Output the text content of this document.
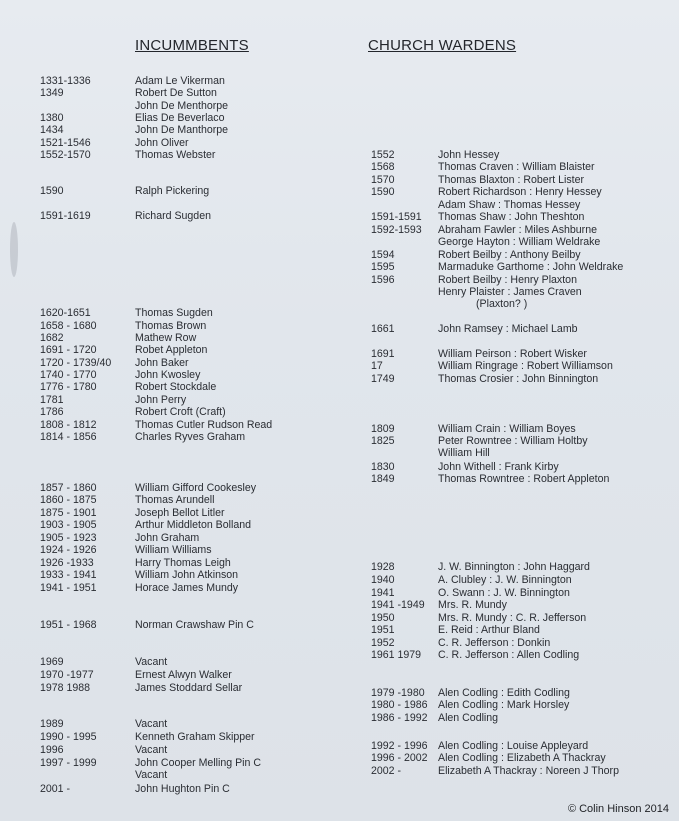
INCUMMBENTS	CHURCH WARDENS
1331-1336	Adam Le Vikerman
1349	Robert De Sutton
John De Menthorpe
1380	Elias De Beverlaco
1434	John De Manthorpe
1521-1546	John Oliver
1552-1570	Thomas Webster
1590	Ralph Pickering
1591-1619	Richard Sugden
1620-1651	Thomas Sugden
1658 - 1680	Thomas Brown
1682	Mathew Row
1691 - 1720	Robet Appleton
1720 - 1739/40 John Baker
1740 - 1770	John Kwosley
1776 - 1780	Robert Stockdale
1781	John Perry
1786	Robert Croft (Craft)
1808 - 1812	Thomas Cutler Rudson Read
1814 - 1856	Charles Ryves Graham
1857 - 1860	William Gifford Cookesley
1860 - 1875	Thomas Arundell
1875 - 1901	Joseph Bellot Litler
1903 - 1905	Arthur Middleton Bolland
1905 - 1923	John Graham
1924 - 1926	William Williams
1926 -1933	Harry Thomas Leigh
1933 - 1941	William John Atkinson
1941 - 1951	Horace James Mundy
1951 - 1968	Norman Crawshaw Pin C
1969	Vacant
1970 -1977	Ernest Alwyn Walker
1978 1988	James Stoddard Sellar
1989	Vacant
1990 - 1995	Kenneth Graham Skipper
1996	Vacant
1997 - 1999	John Cooper Melling Pin C
Vacant
2001 -	John Hughton Pin C
1552	John Hessey
1568	Thomas Craven : William Blaister
1570	Thomas Blaxton : Robert Lister
1590	Robert Richardson : Henry Hessey
Adam Shaw : Thomas Hessey
1591-1591 Thomas Shaw : John Theshton
1592-1593 Abraham Fawler : Miles Ashburne
George Hayton : William Weldrake
1594	Robert Beilby : Anthony Beilby
1595	Marmaduke Garthome : John Weldrake
1596	Robert Beilby : Henry Plaxton
Henry Plaister : James Craven
(Plaxton? )
1661	John Ramsey : Michael Lamb
1691	William Peirson : Robert Wisker
17	William Ringrage : Robert Williamson
1749	Thomas Crosier : John Binnington
1809	William Crain : William Boyes
1825	Peter Rowntree : William Holtby
William Hill
1830	John Withell : Frank Kirby
1849	Thomas Rowntree : Robert Appleton
1928	J. W. Binnington : John Haggard
1940	A. Clubley : J. W. Binnington
1941	O. Swann : J. W. Binnington
1941 -1949 Mrs. R. Mundy
1950	Mrs. R. Mundy : C. R. Jefferson
1951	E. Reid : Arthur Bland
1952	C. R. Jefferson : Donkin
1961 1979 C. R. Jefferson : Allen Codling
1979 -1980 Alen Codling : Edith Codling
1980 - 1986 Alen Codling : Mark Horsley
1986 - 1992 Alen Codling
1992 - 1996 Alen Codling : Louise Appleyard
1996 - 2002 Alen Codling : Elizabeth A Thackray
2002 -	Elizabeth A Thackray : Noreen J Thorp
© Colin Hinson 2014
